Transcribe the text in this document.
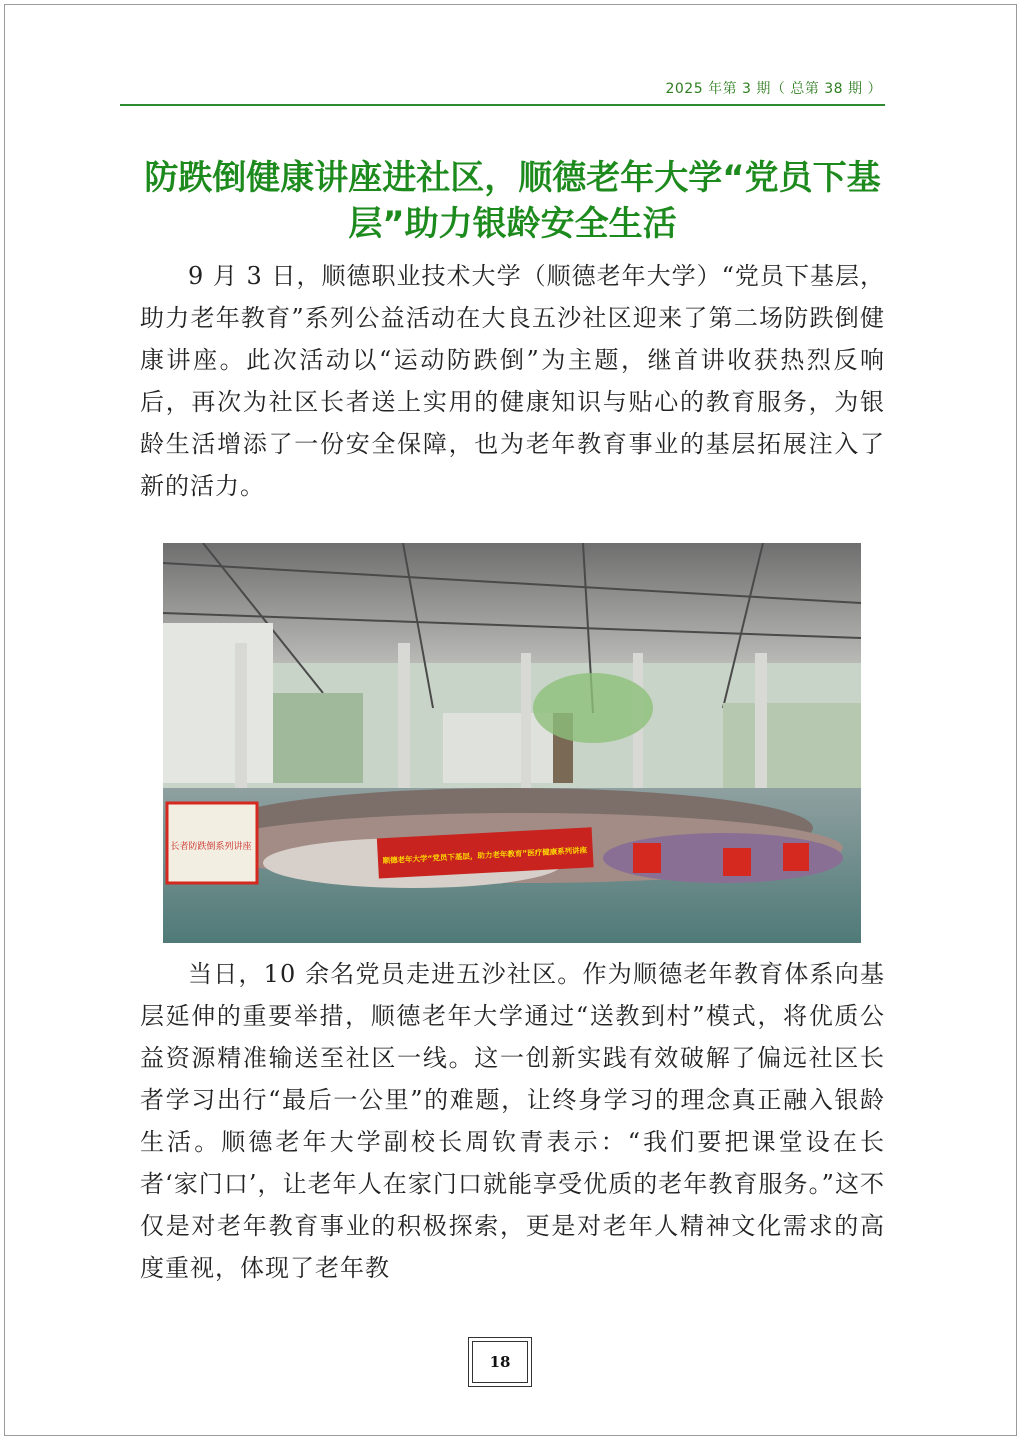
2025 年第 3 期（ 总第 38 期 ）
防跌倒健康讲座进社区，顺德老年大学“党员下基层”助力银龄安全生活

9 月 3 日，顺德职业技术大学（顺德老年大学）“党员下基层，助力老年教育”系列公益活动在大良五沙社区迎来了第二场防跌倒健康讲座。此次活动以“运动防跌倒”为主题，继首讲收获热烈反响后，再次为社区长者送上实用的健康知识与贴心的教育服务，为银龄生活增添了一份安全保障，也为老年教育事业的基层拓展注入了新的活力。

长者防跌倒系列讲座	顺德老年大学“党员下基层，助力老年教育”医疗健康系列讲座

当日，10 余名党员走进五沙社区。作为顺德老年教育体系向基层延伸的重要举措，顺德老年大学通过“送教到村”模式，将优质公益资源精准输送至社区一线。这一创新实践有效破解了偏远社区长者学习出行“最后一公里”的难题，让终身学习的理念真正融入银龄生活。顺德老年大学副校长周钦青表示：“我们要把课堂设在长者‘家门口’，让老年人在家门口就能享受优质的老年教育服务。”这不仅是对老年教育事业的积极探索，更是对老年人精神文化需求的高度重视，体现了老年教

18
